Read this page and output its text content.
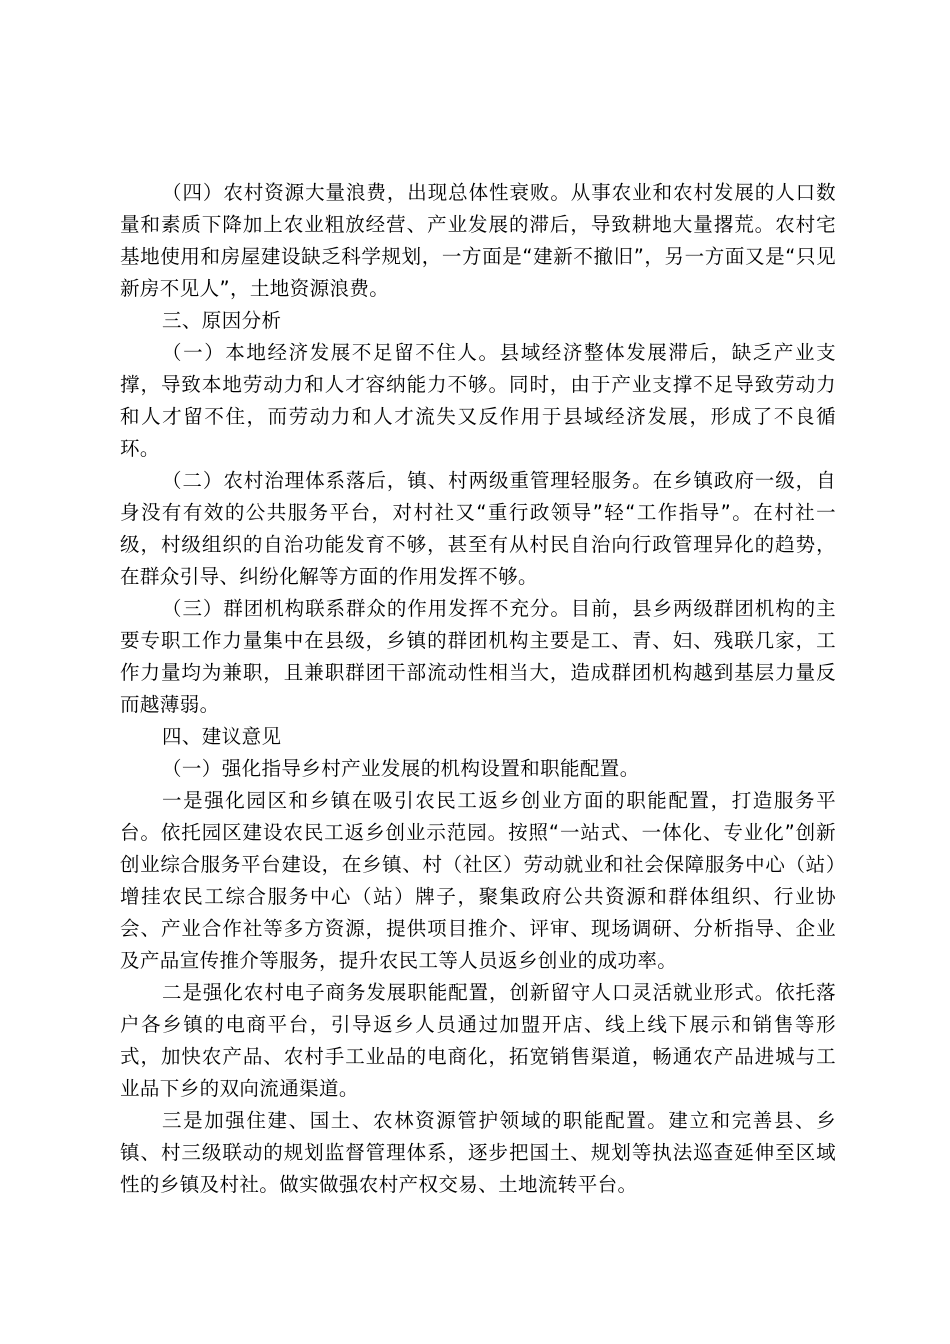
（四）农村资源大量浪费，出现总体性衰败。从事农业和农村发展的人口数量和素质下降加上农业粗放经营、产业发展的滞后，导致耕地大量撂荒。农村宅基地使用和房屋建设缺乏科学规划，一方面是“建新不撤旧”，另一方面又是“只见新房不见人”，土地资源浪费。

三、原因分析

（一）本地经济发展不足留不住人。县域经济整体发展滞后，缺乏产业支撑，导致本地劳动力和人才容纳能力不够。同时，由于产业支撑不足导致劳动力和人才留不住，而劳动力和人才流失又反作用于县域经济发展，形成了不良循环。

（二）农村治理体系落后，镇、村两级重管理轻服务。在乡镇政府一级，自身没有有效的公共服务平台，对村社又“重行政领导”轻“工作指导”。在村社一级，村级组织的自治功能发育不够，甚至有从村民自治向行政管理异化的趋势，在群众引导、纠纷化解等方面的作用发挥不够。

（三）群团机构联系群众的作用发挥不充分。目前，县乡两级群团机构的主要专职工作力量集中在县级，乡镇的群团机构主要是工、青、妇、残联几家，工作力量均为兼职，且兼职群团干部流动性相当大，造成群团机构越到基层力量反而越薄弱。

四、建议意见

（一）强化指导乡村产业发展的机构设置和职能配置。

一是强化园区和乡镇在吸引农民工返乡创业方面的职能配置，打造服务平台。依托园区建设农民工返乡创业示范园。按照“一站式、一体化、专业化”创新创业综合服务平台建设，在乡镇、村（社区）劳动就业和社会保障服务中心（站）增挂农民工综合服务中心（站）牌子，聚集政府公共资源和群体组织、行业协会、产业合作社等多方资源，提供项目推介、评审、现场调研、分析指导、企业及产品宣传推介等服务，提升农民工等人员返乡创业的成功率。

二是强化农村电子商务发展职能配置，创新留守人口灵活就业形式。依托落户各乡镇的电商平台，引导返乡人员通过加盟开店、线上线下展示和销售等形式，加快农产品、农村手工业品的电商化，拓宽销售渠道，畅通农产品进城与工业品下乡的双向流通渠道。

三是加强住建、国土、农林资源管护领域的职能配置。建立和完善县、乡镇、村三级联动的规划监督管理体系，逐步把国土、规划等执法巡查延伸至区域性的乡镇及村社。做实做强农村产权交易、土地流转平台。
